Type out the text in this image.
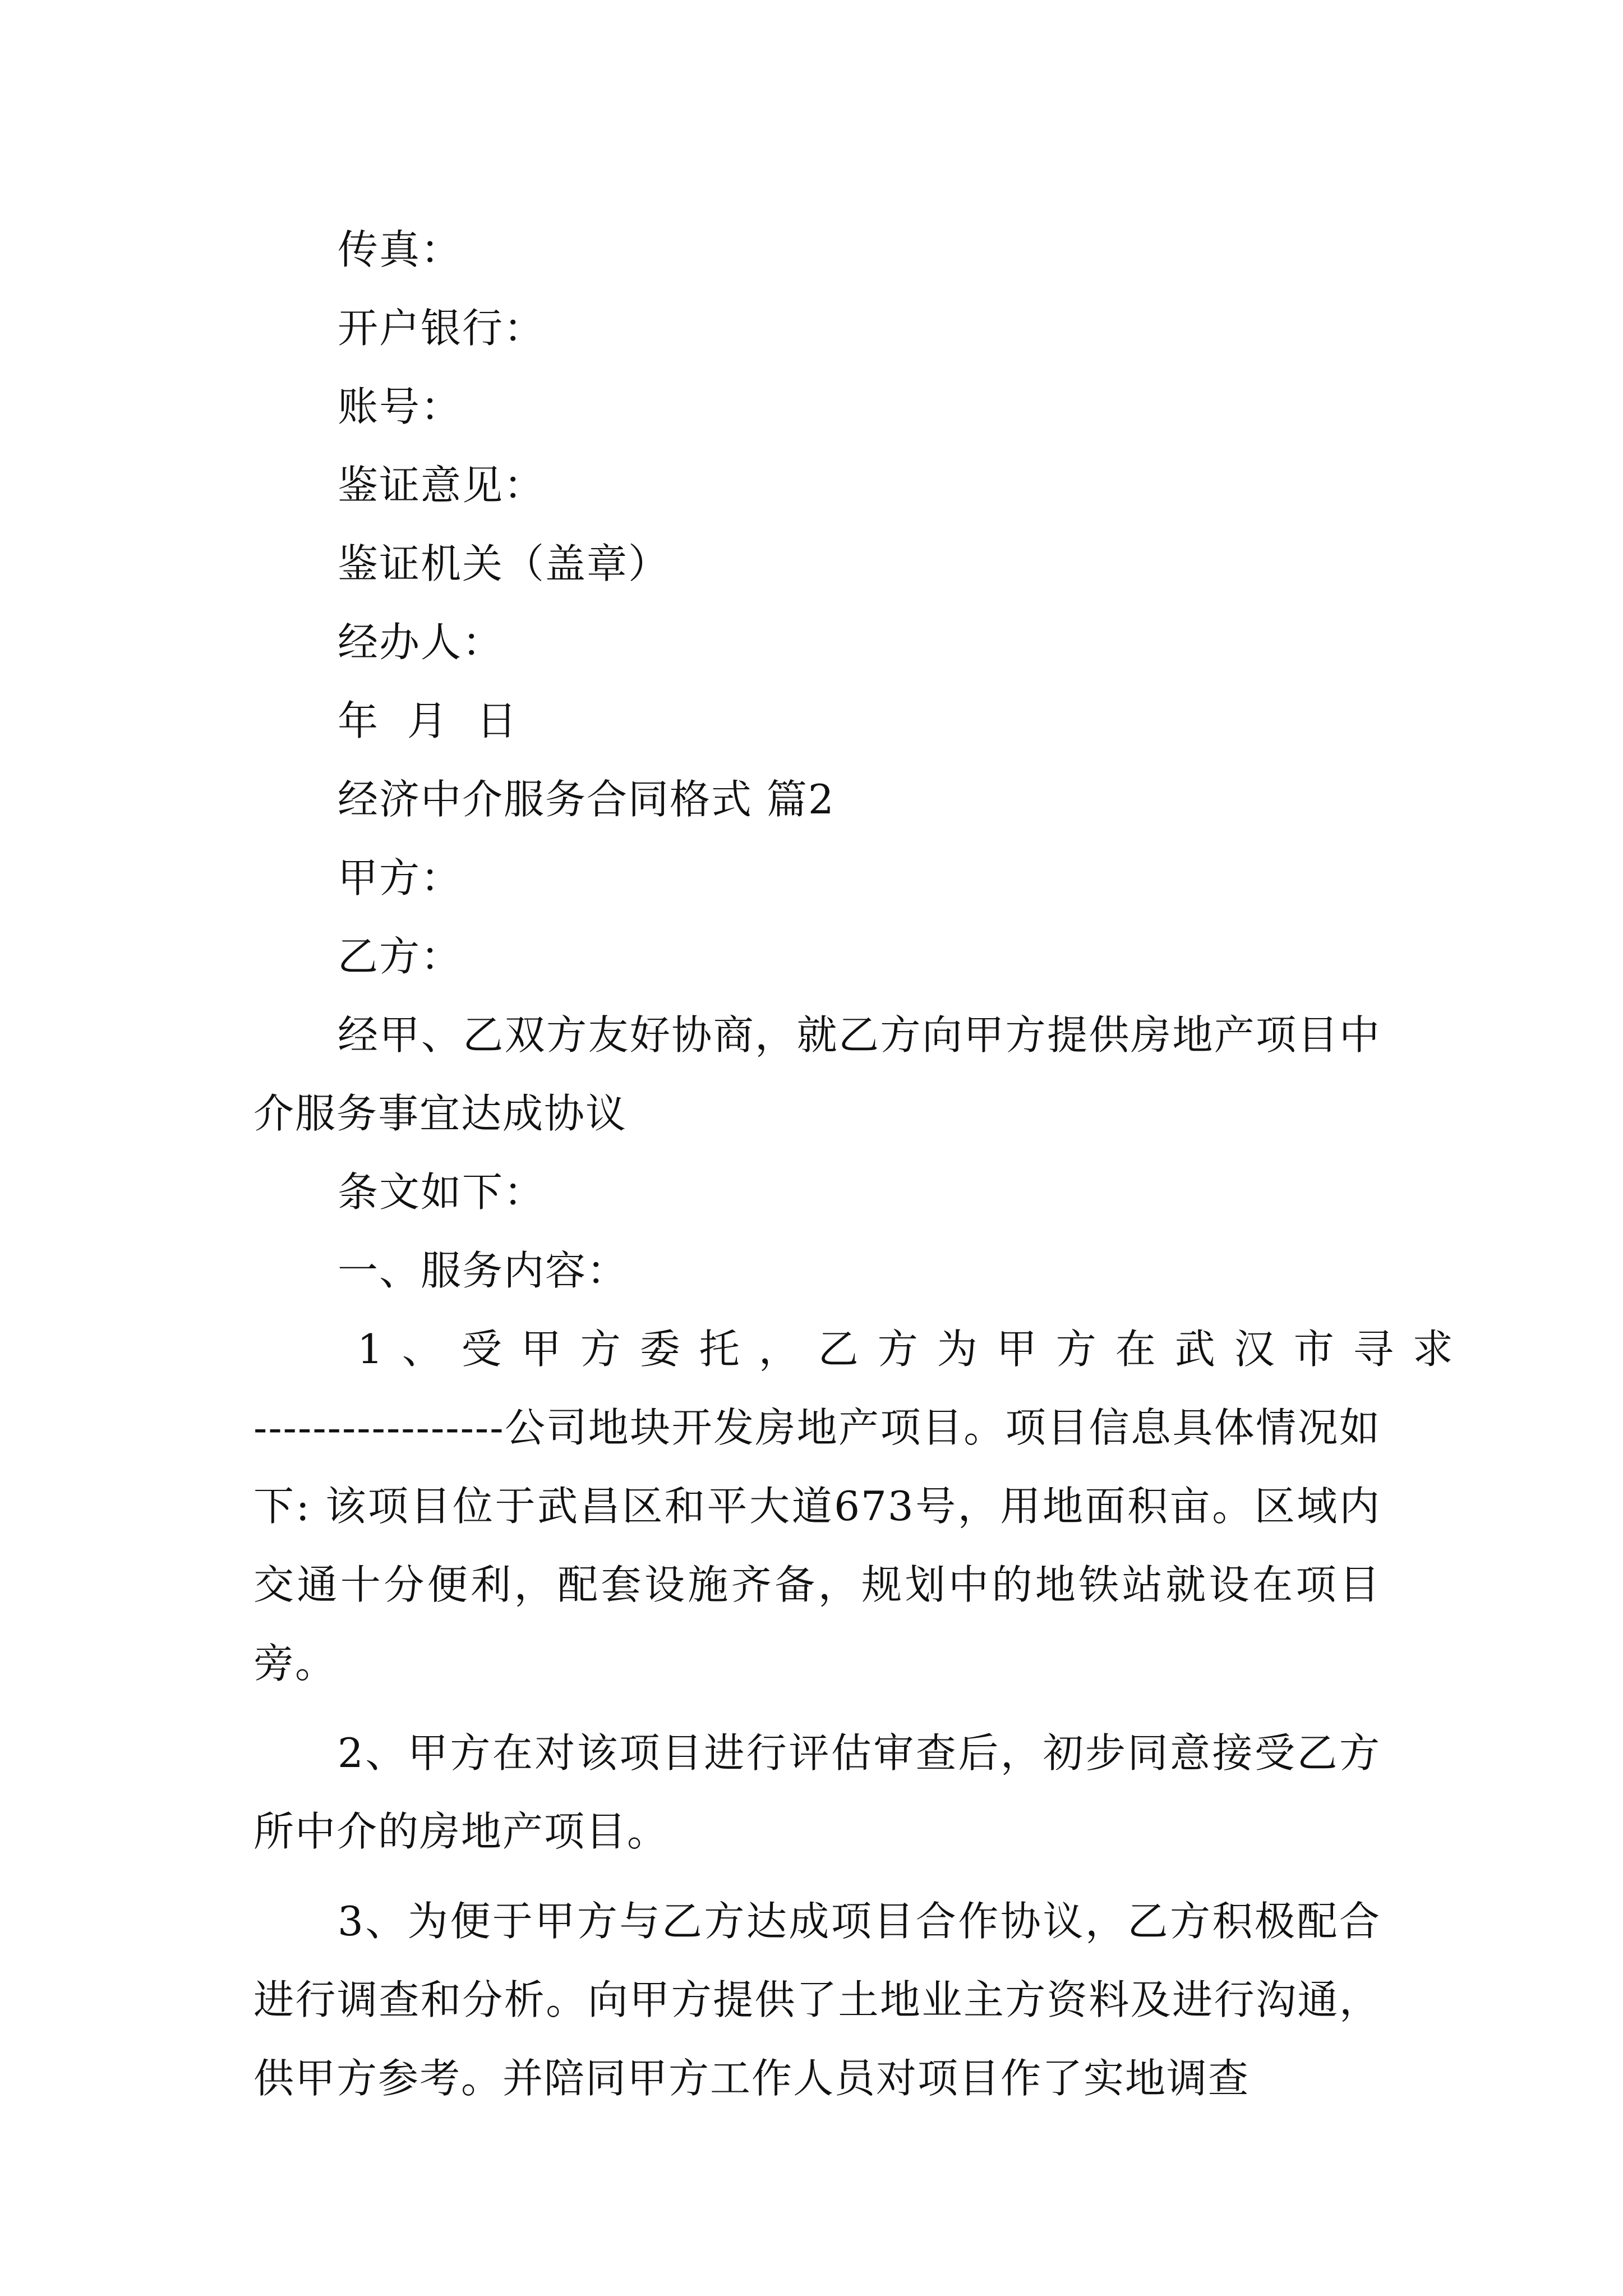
传真：
开户银行：
账号：
鉴证意见：
鉴证机关（盖章）
经办人：
年  月  日
经济中介服务合同格式 篇2
甲方：
乙方：

经甲、乙双方友好协商，就乙方向甲方提供房地产项目中介服务事宜达成协议

条文如下：
一、服务内容：
1、受甲方委托，乙方为甲方在武汉市寻求

-----------------公司地块开发房地产项目。项目信息具体情况如下: 该项目位于武昌区和平大道673号，用地面积亩。区域内交通十分便利，配套设施齐备，规划中的地铁站就设在项目旁。

2、甲方在对该项目进行评估审查后，初步同意接受乙方所中介的房地产项目。

3、为便于甲方与乙方达成项目合作协议，乙方积极配合进行调查和分析。向甲方提供了土地业主方资料及进行沟通，供甲方参考。并陪同甲方工作人员对项目作了实地调查
